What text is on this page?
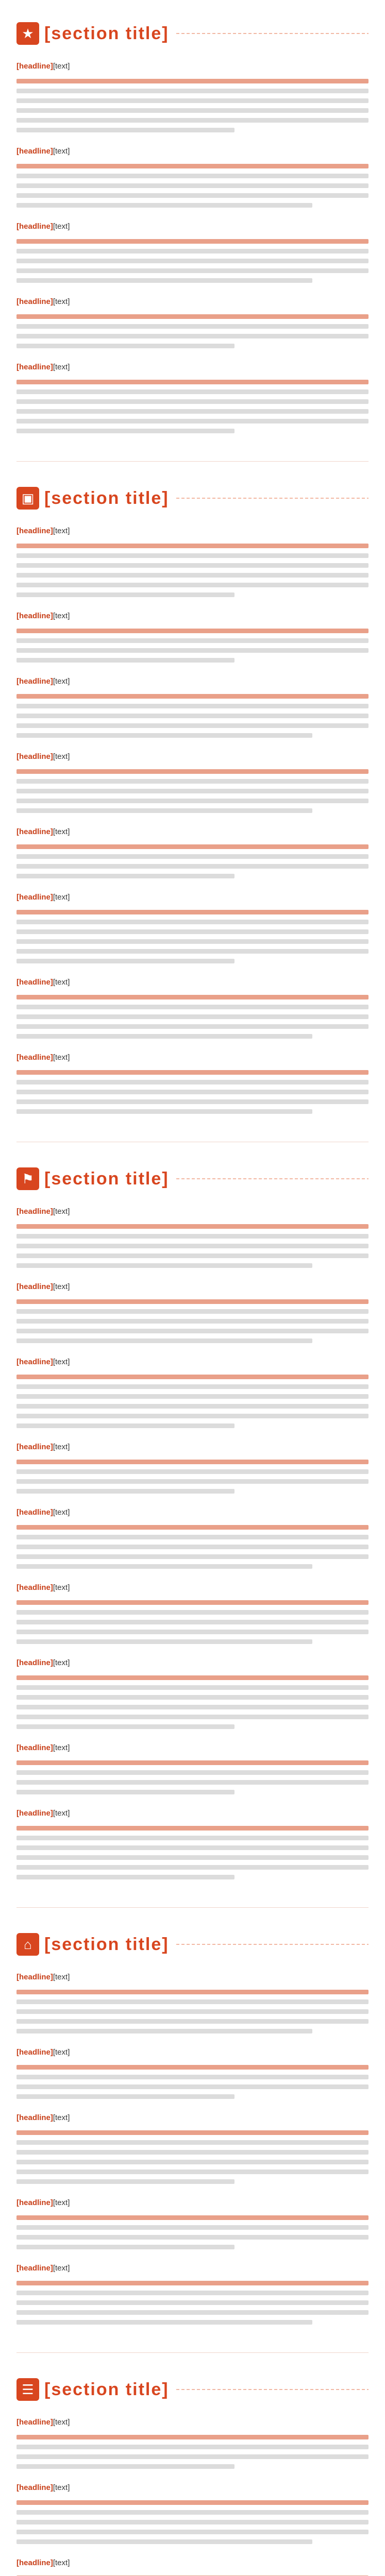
★ [section title]

[headline][text]

[headline][text]

[headline][text]

[headline][text]

[headline][text]

▣ [section title]

[headline][text]

[headline][text]

[headline][text]

[headline][text]

[headline][text]

[headline][text]

[headline][text]

[headline][text]

⚑ [section title]

[headline][text]

[headline][text]

[headline][text]

[headline][text]

[headline][text]

[headline][text]

[headline][text]

[headline][text]

[headline][text]

⌂ [section title]

[headline][text]

[headline][text]

[headline][text]

[headline][text]

[headline][text]

☰ [section title]

[headline][text]

[headline][text]

[headline][text]
